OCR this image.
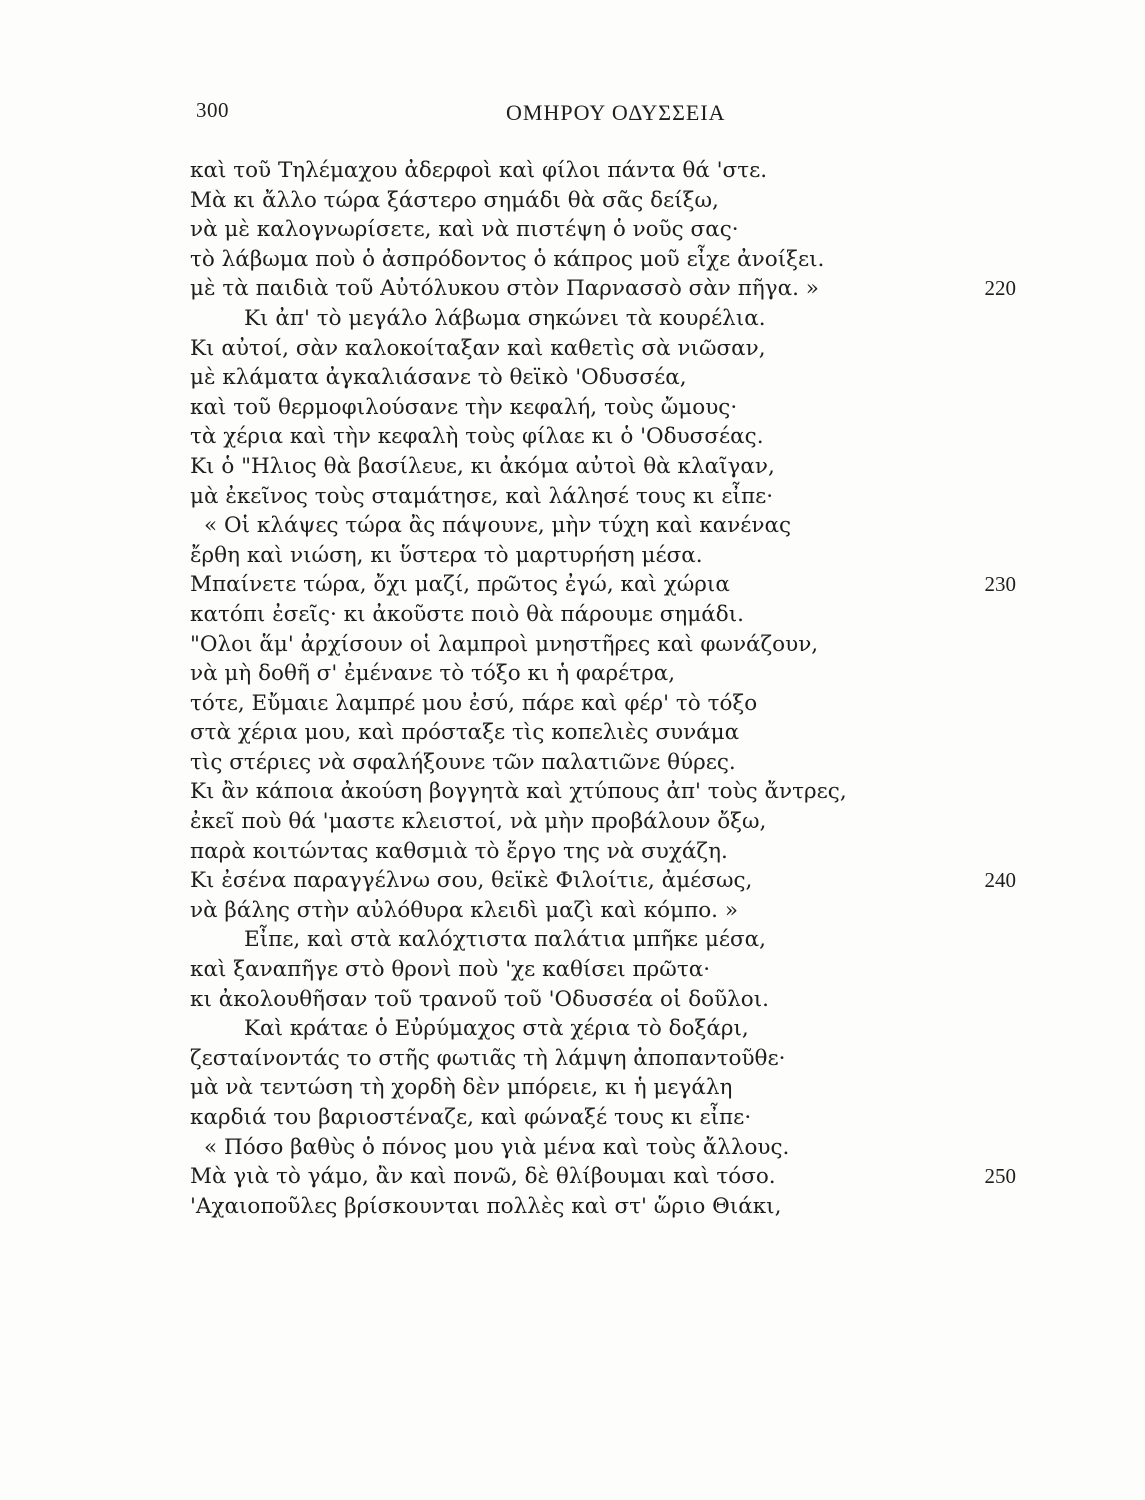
300	ΟΜΗΡΟΥ ΟΔΥΣΣΕΙΑ
καὶ τοῦ Τηλέμαχου ἀδερφοὶ καὶ φίλοι πάντα θά 'στε.
Μὰ κι ἄλλο τώρα ξάστερο σημάδι θὰ σᾶς δείξω,
νὰ μὲ καλογνωρίσετε, καὶ νὰ πιστέψη ὁ νοῦς σας·
τὸ λάβωμα ποὺ ὁ ἀσπρόδοντος ὁ κάπρος μοῦ εἶχε ἀνοίξει.
μὲ τὰ παιδιὰ τοῦ Αὐτόλυκου στὸν Παρνασσὸ σὰν πῆγα. »	220
Κι ἀπ' τὸ μεγάλο λάβωμα σηκώνει τὰ κουρέλια.
Κι αὐτοί, σὰν καλοκοίταξαν καὶ καθετὶς σὰ νιῶσαν,
μὲ κλάματα ἀγκαλιάσανε τὸ θεϊκὸ 'Οδυσσέα,
καὶ τοῦ θερμοφιλούσανε τὴν κεφαλή, τοὺς ὤμους·
τὰ χέρια καὶ τὴν κεφαλὴ τοὺς φίλαε κι ὁ 'Οδυσσέας.
Κι ὁ "Ηλιος θὰ βασίλευε, κι ἀκόμα αὐτοὶ θὰ κλαῖγαν,
μὰ ἐκεῖνος τοὺς σταμάτησε, καὶ λάλησέ τους κι εἶπε·
« Οἱ κλάψες τώρα ἂς πάψουνε, μὴν τύχη καὶ κανένας
ἔρθη καὶ νιώση, κι ὕστερα τὸ μαρτυρήση μέσα.
Μπαίνετε τώρα, ὄχι μαζί, πρῶτος ἐγώ, καὶ χώρια	230
κατόπι ἐσεῖς· κι ἀκοῦστε ποιὸ θὰ πάρουμε σημάδι.
"Ολοι ἅμ' ἀρχίσουν οἱ λαμπροὶ μνηστῆρες καὶ φωνάζουν,
νὰ μὴ δοθῆ σ' ἐμένανε τὸ τόξο κι ἡ φαρέτρα,
τότε, Εὔμαιε λαμπρέ μου ἐσύ, πάρε καὶ φέρ' τὸ τόξο
στὰ χέρια μου, καὶ πρόσταξε τὶς κοπελιὲς συνάμα
τὶς στέριες νὰ σφαλήξουνε τῶν παλατιῶνε θύρες.
Κι ἂν κάποια ἀκούση βογγητὰ καὶ χτύπους ἀπ' τοὺς ἄντρες,
ἐκεῖ ποὺ θά 'μαστε κλειστοί, νὰ μὴν προβάλουν ὄξω,
παρὰ κοιτώντας καθσμιὰ τὸ ἔργο της νὰ συχάζη.
Κι ἐσένα παραγγέλνω σου, θεϊκὲ Φιλοίτιε, ἀμέσως,	240
νὰ βάλης στὴν αὐλόθυρα κλειδὶ μαζὶ καὶ κόμπο. »
Εἶπε, καὶ στὰ καλόχτιστα παλάτια μπῆκε μέσα,
καὶ ξαναπῆγε στὸ θρονὶ ποὺ 'χε καθίσει πρῶτα·
κι ἀκολουθῆσαν τοῦ τρανοῦ τοῦ 'Οδυσσέα οἱ δοῦλοι.
Καὶ κράταε ὁ Εὐρύμαχος στὰ χέρια τὸ δοξάρι,
ζεσταίνοντάς το στῆς φωτιᾶς τὴ λάμψη ἀποπαντοῦθε·
μὰ νὰ τεντώση τὴ χορδὴ δὲν μπόρειε, κι ἡ μεγάλη
καρδιά του βαριοστέναζε, καὶ φώναξέ τους κι εἶπε·
« Πόσο βαθὺς ὁ πόνος μου γιὰ μένα καὶ τοὺς ἄλλους.
Μὰ γιὰ τὸ γάμο, ἂν καὶ πονῶ, δὲ θλίβουμαι καὶ τόσο.	250
'Αχαιοποῦλες βρίσκουνται πολλὲς καὶ στ' ὥριο Θιάκι,
